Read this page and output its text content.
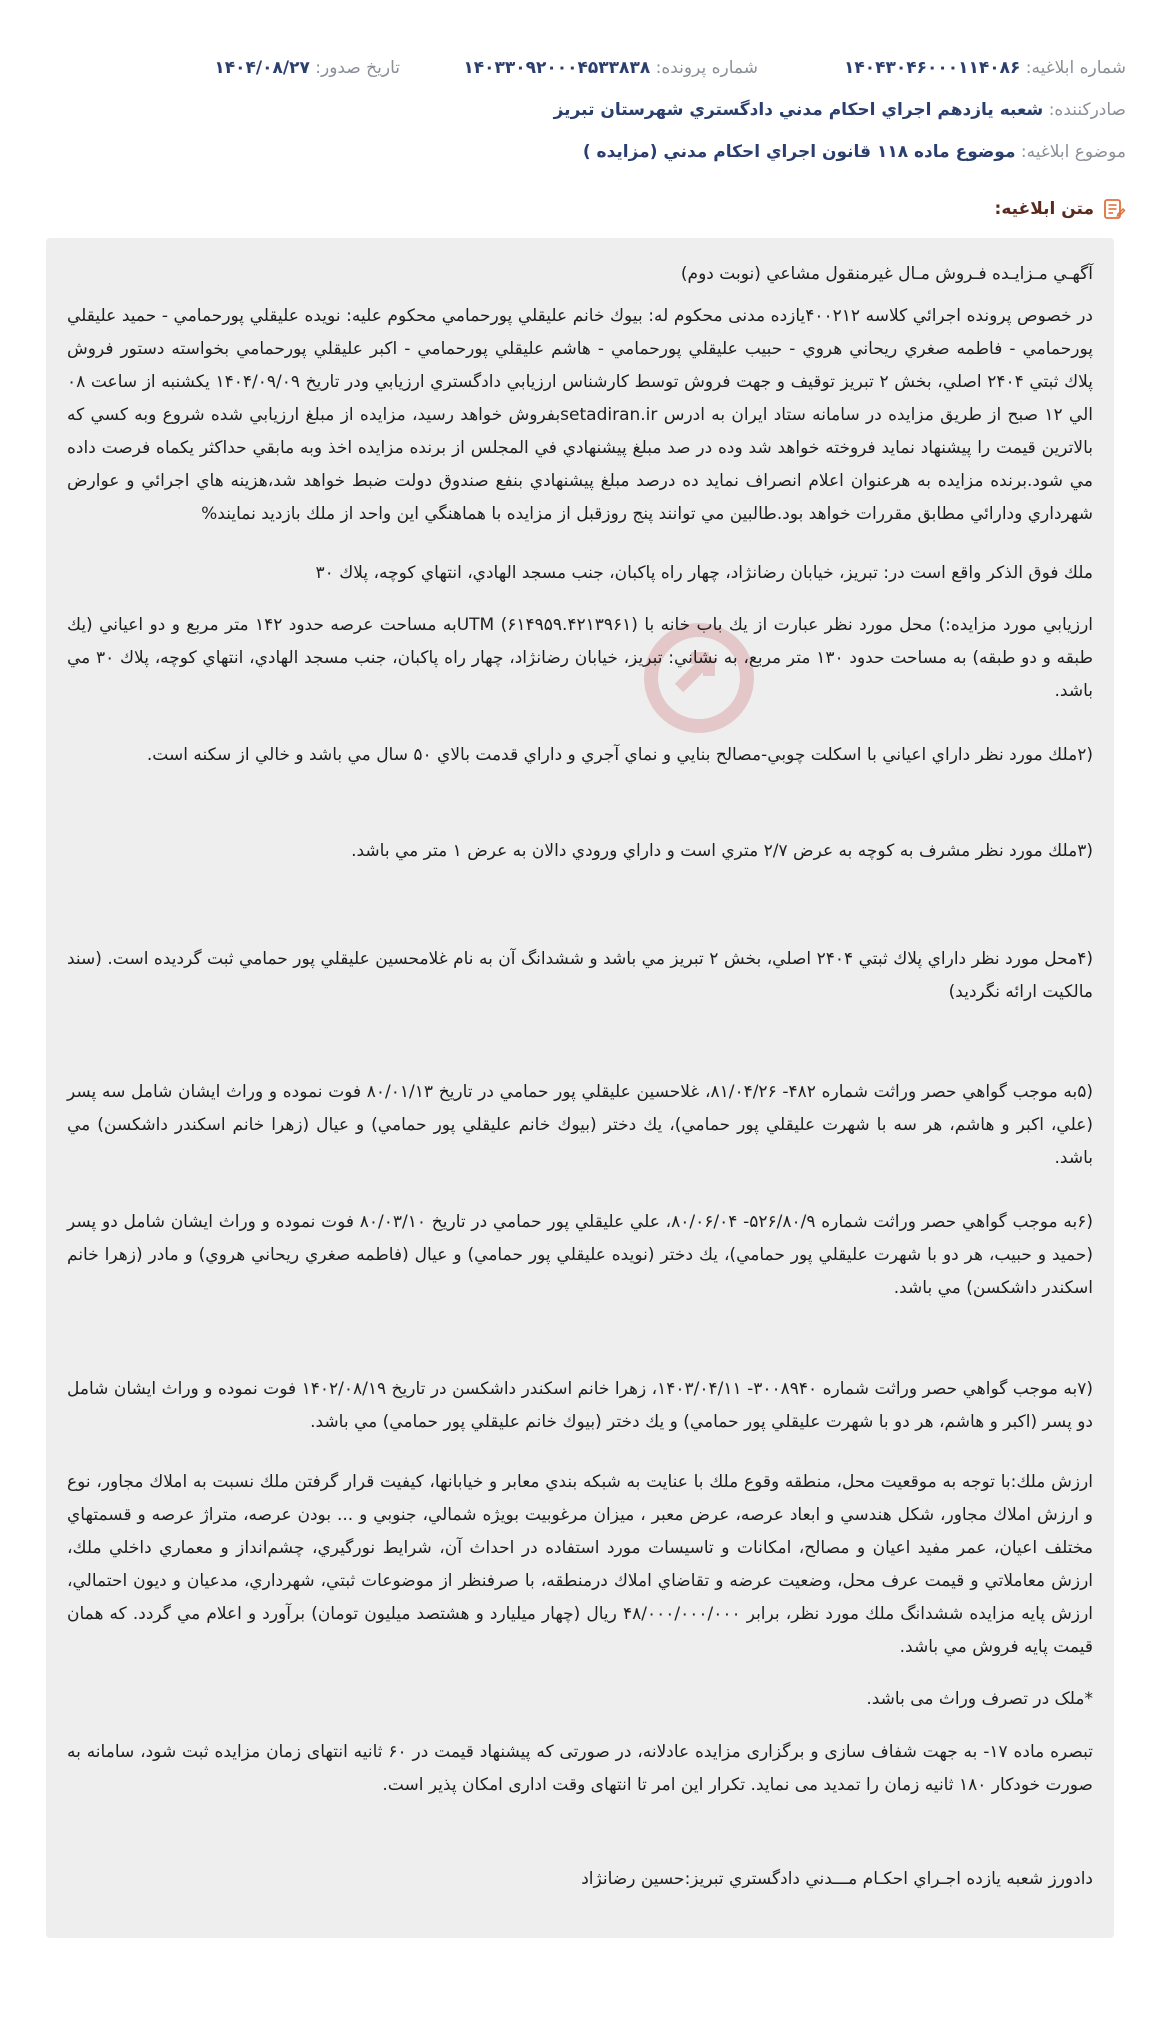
شماره ابلاغيه: ۱۴۰۴۳۰۴۶۰۰۰۱۱۴۰۸۶
شماره پرونده: ۱۴۰۳۳۰۹۲۰۰۰۴۵۳۳۸۳۸
تاريخ صدور: ۱۴۰۴/۰۸/۲۷
صادرکننده: شعبه يازدهم اجراي احكام مدني دادگستري شهرستان تبريز
موضوع ابلاغيه: موضوع ماده ۱۱۸ قانون اجراي احكام مدني (مزايده )
متن ابلاغيه:

آگهـي مـزايـده فـروش مـال غيرمنقول مشاعي (نوبت دوم)

در خصوص پرونده اجرائي كلاسه ۴۰۰۲۱۲يازده مدنی محكوم له: بيوك خانم عليقلي پورحمامي محكوم عليه: نويده عليقلي پورحمامي - حميد عليقلي پورحمامي - فاطمه صغري ريحاني هروي - حبيب عليقلي پورحمامي - هاشم عليقلي پورحمامي - اكبر عليقلي پورحمامي بخواسته دستور فروش پلاك ثبتي ۲۴۰۴ اصلي، بخش ۲ تبريز توقيف و جهت فروش توسط كارشناس ارزيابي دادگستري ارزيابي ودر تاريخ ۱۴۰۴/۰۹/۰۹ يكشنبه از ساعت ۰۸ الي ۱۲ صبح از طريق مزايده در سامانه ستاد ايران به ادرس setadiran.irبفروش خواهد رسيد، مزايده از مبلغ ارزيابي شده شروع وبه كسي كه بالاترين قيمت را پيشنهاد نمايد فروخته خواهد شد وده در صد مبلغ پيشنهادي في المجلس از برنده مزايده اخذ وبه مابقي حداكثر يكماه فرصت داده مي شود.برنده مزايده به هرعنوان اعلام انصراف نمايد ده درصد مبلغ پيشنهادي بنفع صندوق دولت ضبط خواهد شد،هزينه هاي اجرائي و عوارض شهرداري ودارائي مطابق مقررات خواهد بود.طالبين مي توانند پنج روزقبل از مزايده با هماهنگي اين واحد از ملك بازديد نمايند%

ملك فوق الذكر واقع است در: تبريز، خيابان رضانژاد، چهار راه پاكبان، جنب مسجد الهادي، انتهاي كوچه، پلاك ۳۰

ارزيابي مورد مزايده:) محل مورد نظر عبارت از يك باب خانه با UTM (۶۱۴۹۵۹.۴۲۱۳۹۶۱)به مساحت عرصه حدود ۱۴۲ متر مربع و دو اعياني (يك طبقه و دو طبقه) به مساحت حدود ۱۳۰ متر مربع، به نشاني: تبريز، خيابان رضانژاد، چهار راه پاكبان، جنب مسجد الهادي، انتهاي كوچه، پلاك ۳۰ مي باشد.

(۲ملك مورد نظر داراي اعياني با اسكلت چوبي-مصالح بنايي و نماي آجري و داراي قدمت بالاي ۵۰ سال مي باشد و خالي از سكنه است.

(۳ملك مورد نظر مشرف به كوچه به عرض ۲/۷ متري است و داراي ورودي دالان به عرض ۱ متر مي باشد.

(۴محل مورد نظر داراي پلاك ثبتي ۲۴۰۴ اصلي، بخش ۲ تبريز مي باشد و ششدانگ آن به نام غلامحسين عليقلي پور حمامي ثبت گرديده است. (سند مالكيت ارائه نگرديد)

(۵به موجب گواهي حصر وراثت شماره ۴۸۲- ۸۱/۰۴/۲۶، غلاحسين عليقلي پور حمامي در تاريخ ۸۰/۰۱/۱۳ فوت نموده و وراث ايشان شامل سه پسر (علي، اكبر و هاشم، هر سه با شهرت عليقلي پور حمامي)، يك دختر (بيوك خانم عليقلي پور حمامي) و عيال (زهرا خانم اسكندر داشكسن) مي باشد.

(۶به موجب گواهي حصر وراثت شماره ۵۲۶/۸۰/۹- ۸۰/۰۶/۰۴، علي عليقلي پور حمامي در تاريخ ۸۰/۰۳/۱۰ فوت نموده و وراث ايشان شامل دو پسر (حميد و حبيب، هر دو با شهرت عليقلي پور حمامي)، يك دختر (نويده عليقلي پور حمامي) و عيال (فاطمه صغري ريحاني هروي) و مادر (زهرا خانم اسكندر داشكسن) مي باشد.

(۷به موجب گواهي حصر وراثت شماره ۳۰۰۸۹۴۰- ۱۴۰۳/۰۴/۱۱، زهرا خانم اسكندر داشكسن در تاريخ ۱۴۰۲/۰۸/۱۹ فوت نموده و وراث ايشان شامل دو پسر (اكبر و هاشم، هر دو با شهرت عليقلي پور حمامي) و يك دختر (بيوك خانم عليقلي پور حمامي) مي باشد.

ارزش ملك:با توجه به موقعيت محل، منطقه وقوع ملك با عنايت به شبكه بندي معابر و خيابانها، كيفيت قرار گرفتن ملك نسبت به املاك مجاور، نوع و ارزش املاك مجاور، شكل هندسي و ابعاد عرصه، عرض معبر ، ميزان مرغوبيت بويژه شمالي، جنوبي و ... بودن عرصه، متراژ عرصه و قسمتهاي مختلف اعيان، عمر مفيد اعيان و مصالح، امكانات و تاسيسات مورد استفاده در احداث آن، شرايط نورگيري، چشم‌انداز و معماري داخلي ملك، ارزش معاملاتي و قيمت عرف محل، وضعيت عرضه و تقاضاي املاك درمنطقه، با صرفنظر از موضوعات ثبتي، شهرداري، مدعيان و ديون احتمالي، ارزش پايه مزايده ششدانگ ملك مورد نظر، برابر ۴۸/۰۰۰/۰۰۰/۰۰۰ ريال (چهار ميليارد و هشتصد ميليون تومان) برآورد و اعلام مي گردد. كه همان قيمت پايه فروش مي باشد.

*ملک در تصرف وراث می باشد.

تبصره ماده ۱۷- به جهت شفاف سازی و برگزاری مزایده عادلانه، در صورتی که پیشنهاد قیمت در ۶۰ ثانیه انتهای زمان مزایده ثبت شود، سامانه به صورت خودکار ۱۸۰ ثانیه زمان را تمدید می نماید. تکرار این امر تا انتهای وقت اداری امکان پذیر است.

دادورز شعبه يازده اجـراي احكـام مـــدني دادگستري تبريز:حسين رضانژاد
